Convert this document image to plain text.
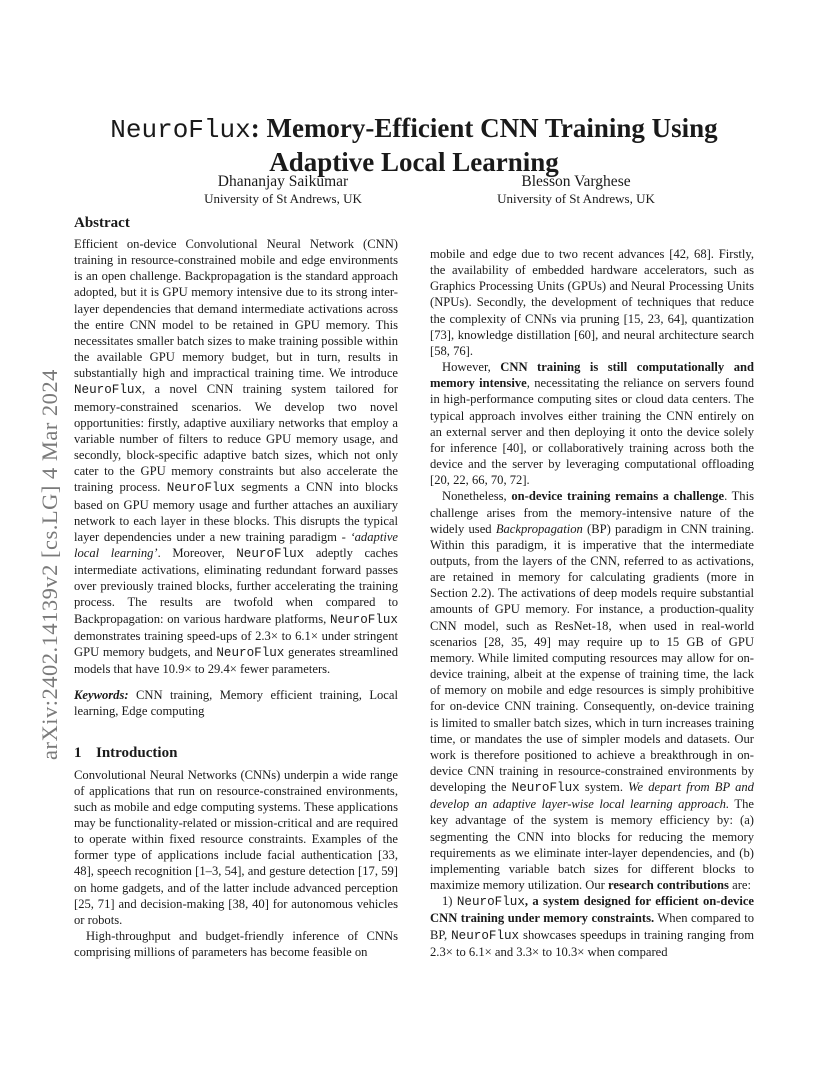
arXiv:2402.14139v2 [cs.LG] 4 Mar 2024
NeuroFlux: Memory-Efficient CNN Training Using
Adaptive Local Learning
Dhananjay Saikumar
University of St Andrews, UK
Blesson Varghese
University of St Andrews, UK
Abstract

Efficient on-device Convolutional Neural Network (CNN) training in resource-constrained mobile and edge environments is an open challenge. Backpropagation is the standard approach adopted, but it is GPU memory intensive due to its strong inter-layer dependencies that demand intermediate activations across the entire CNN model to be retained in GPU memory. This necessitates smaller batch sizes to make training possible within the available GPU memory budget, but in turn, results in substantially high and impractical training time. We introduce NeuroFlux, a novel CNN training system tailored for memory-constrained scenarios. We develop two novel opportunities: firstly, adaptive auxiliary networks that employ a variable number of filters to reduce GPU memory usage, and secondly, block-specific adaptive batch sizes, which not only cater to the GPU memory constraints but also accelerate the training process. NeuroFlux segments a CNN into blocks based on GPU memory usage and further attaches an auxiliary network to each layer in these blocks. This disrupts the typical layer dependencies under a new training paradigm - ‘adaptive local learning’. Moreover, NeuroFlux adeptly caches intermediate activations, eliminating redundant forward passes over previously trained blocks, further accelerating the training process. The results are twofold when compared to Backpropagation: on various hardware platforms, NeuroFlux demonstrates training speed-ups of 2.3× to 6.1× under stringent GPU memory budgets, and NeuroFlux generates streamlined models that have 10.9× to 29.4× fewer parameters.

Keywords: CNN training, Memory efficient training, Local learning, Edge computing

1 Introduction

Convolutional Neural Networks (CNNs) underpin a wide range of applications that run on resource-constrained environments, such as mobile and edge computing systems. These applications may be functionality-related or mission-critical and are required to operate within fixed resource constraints. Examples of the former type of applications include facial authentication [33, 48], speech recognition [1–3, 54], and gesture detection [17, 59] on home gadgets, and of the latter include advanced perception [25, 71] and decision-making [38, 40] for autonomous vehicles or robots.

High-throughput and budget-friendly inference of CNNs comprising millions of parameters has become feasible on

mobile and edge due to two recent advances [42, 68]. Firstly, the availability of embedded hardware accelerators, such as Graphics Processing Units (GPUs) and Neural Processing Units (NPUs). Secondly, the development of techniques that reduce the complexity of CNNs via pruning [15, 23, 64], quantization [73], knowledge distillation [60], and neural architecture search [58, 76].

However, CNN training is still computationally and memory intensive, necessitating the reliance on servers found in high-performance computing sites or cloud data centers. The typical approach involves either training the CNN entirely on an external server and then deploying it onto the device solely for inference [40], or collaboratively training across both the device and the server by leveraging computational offloading [20, 22, 66, 70, 72].

Nonetheless, on-device training remains a challenge. This challenge arises from the memory-intensive nature of the widely used Backpropagation (BP) paradigm in CNN training. Within this paradigm, it is imperative that the intermediate outputs, from the layers of the CNN, referred to as activations, are retained in memory for calculating gradients (more in Section 2.2). The activations of deep models require substantial amounts of GPU memory. For instance, a production-quality CNN model, such as ResNet-18, when used in real-world scenarios [28, 35, 49] may require up to 15 GB of GPU memory. While limited computing resources may allow for on-device training, albeit at the expense of training time, the lack of memory on mobile and edge resources is simply prohibitive for on-device CNN training. Consequently, on-device training is limited to smaller batch sizes, which in turn increases training time, or mandates the use of simpler models and datasets. Our work is therefore positioned to achieve a breakthrough in on-device CNN training in resource-constrained environments by developing the NeuroFlux system. We depart from BP and develop an adaptive layer-wise local learning approach. The key advantage of the system is memory efficiency by: (a) segmenting the CNN into blocks for reducing the memory requirements as we eliminate inter-layer dependencies, and (b) implementing variable batch sizes for different blocks to maximize memory utilization. Our research contributions are:

1) NeuroFlux, a system designed for efficient on-device CNN training under memory constraints. When compared to BP, NeuroFlux showcases speedups in training ranging from 2.3× to 6.1× and 3.3× to 10.3× when compared
